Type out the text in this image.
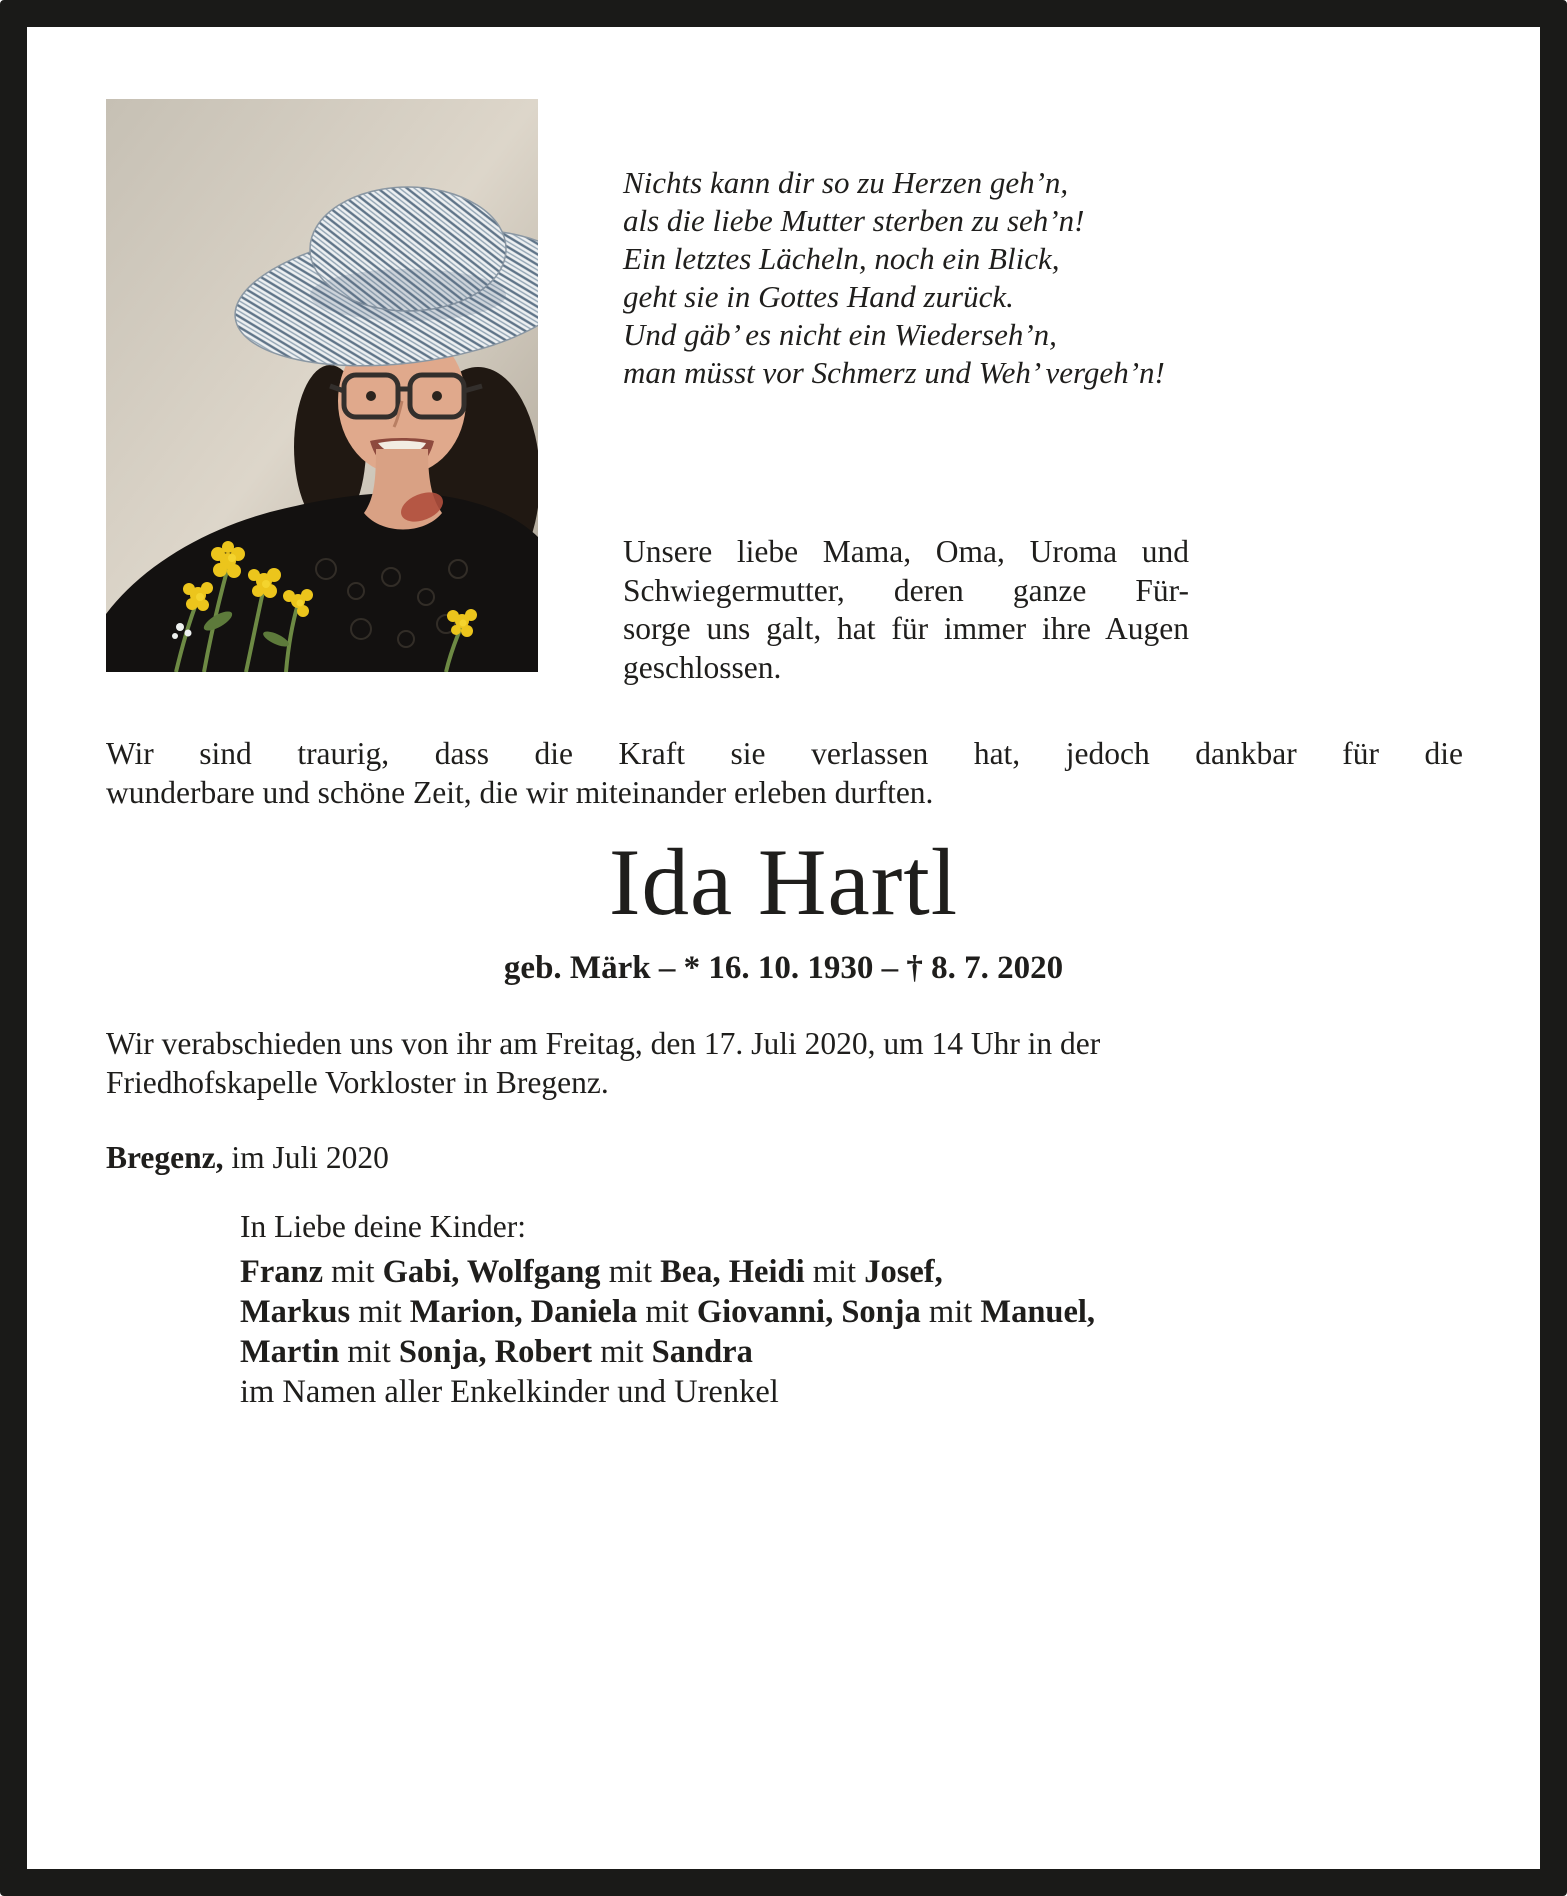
Nichts kann dir so zu Herzen geh’n,
als die liebe Mutter sterben zu seh’n!
Ein letztes Lächeln, noch ein Blick,
geht sie in Gottes Hand zurück.
Und gäb’ es nicht ein Wiederseh’n,
man müsst vor Schmerz und Weh’ vergeh’n!
Unsere liebe Mama, Oma, Uroma und
Schwiegermutter, deren ganze Für-
sorge uns galt, hat für immer ihre Augen
geschlossen.
Wir sind traurig, dass die Kraft sie verlassen hat, jedoch dankbar für die
wunderbare und schöne Zeit, die wir miteinander erleben durften.
Ida Hartl
geb. Märk – * 16. 10. 1930 – † 8. 7. 2020
Wir verabschieden uns von ihr am Freitag, den 17. Juli 2020, um 14 Uhr in der
Friedhofskapelle Vorkloster in Bregenz.

Bregenz, im Juli 2020

In Liebe deine Kinder:

Franz mit Gabi, Wolfgang mit Bea, Heidi mit Josef,
Markus mit Marion, Daniela mit Giovanni, Sonja mit Manuel,
Martin mit Sonja, Robert mit Sandra
im Namen aller Enkelkinder und Urenkel
